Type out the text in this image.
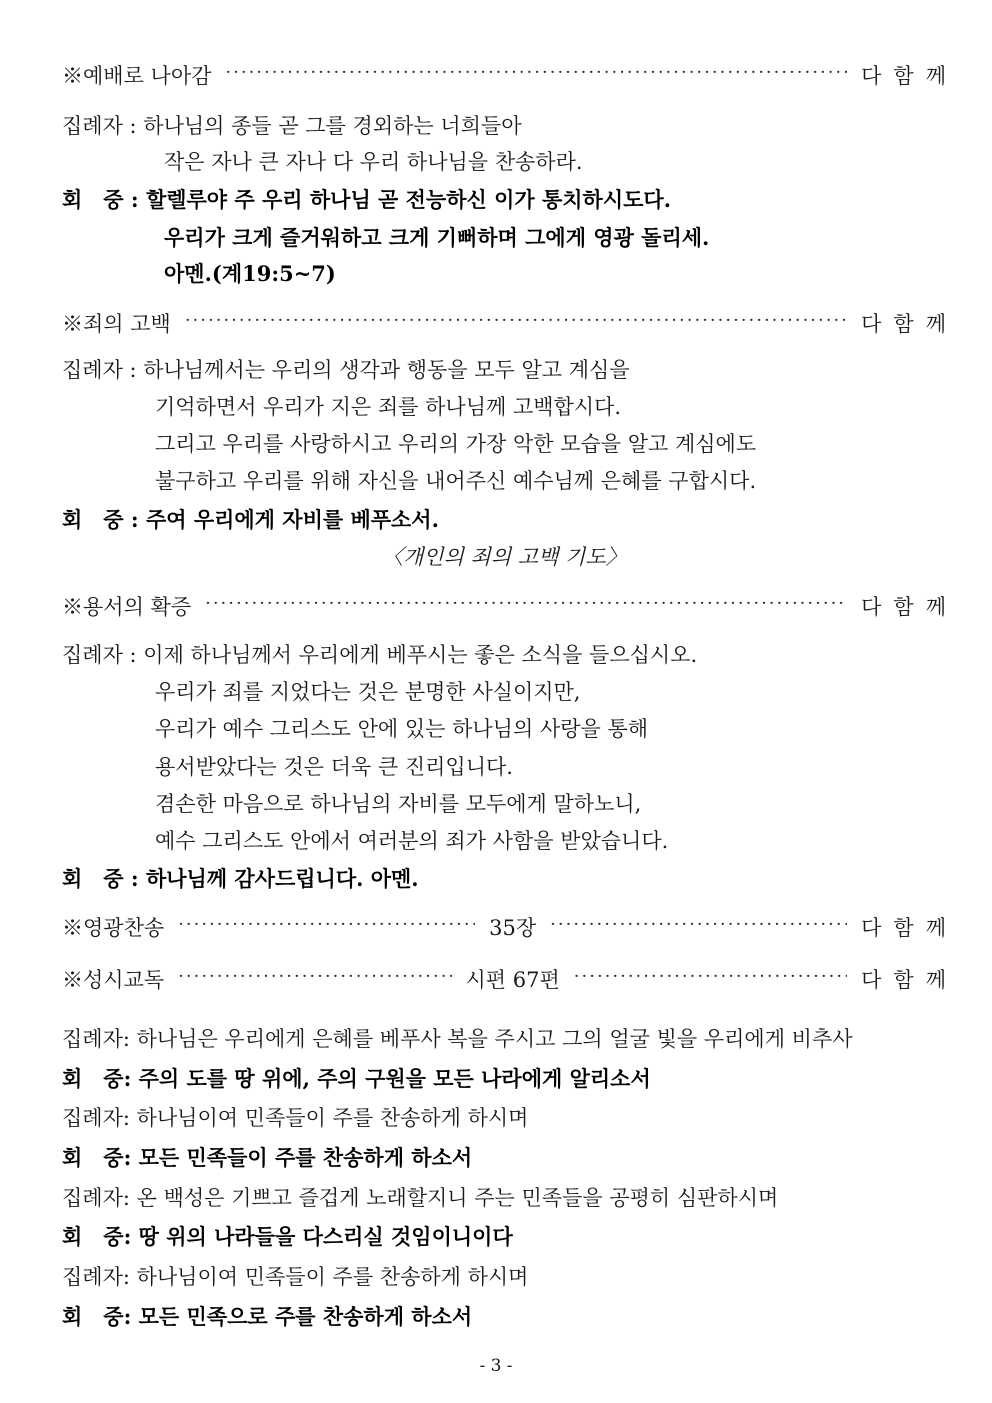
※예배로 나아감 ·····	다함께
집례자 : 하나님의 종들 곧 그를 경외하는 너희들아
작은 자나 큰 자나 다 우리 하나님을 찬송하라.
회　중 : 할렐루야 주 우리 하나님 곧 전능하신 이가 통치하시도다.
우리가 크게 즐거워하고 크게 기뻐하며 그에게 영광 돌리세.
아멘.(계19:5~7)
※죄의 고백 ·····	다함께
집례자 : 하나님께서는 우리의 생각과 행동을 모두 알고 계심을
기억하면서 우리가 지은 죄를 하나님께 고백합시다.
그리고 우리를 사랑하시고 우리의 가장 악한 모습을 알고 계심에도
불구하고 우리를 위해 자신을 내어주신 예수님께 은혜를 구합시다.
회　중 : 주여 우리에게 자비를 베푸소서.
〈개인의 죄의 고백 기도〉
※용서의 확증 ·····	다함께
집례자 : 이제 하나님께서 우리에게 베푸시는 좋은 소식을 들으십시오.
우리가 죄를 지었다는 것은 분명한 사실이지만,
우리가 예수 그리스도 안에 있는 하나님의 사랑을 통해
용서받았다는 것은 더욱 큰 진리입니다.
겸손한 마음으로 하나님의 자비를 모두에게 말하노니,
예수 그리스도 안에서 여러분의 죄가 사함을 받았습니다.
회　중 : 하나님께 감사드립니다. 아멘.
※영광찬송 ·····	35장 ·····	다함께
※성시교독 ·····	시편 67편 ·····	다함께
집례자: 하나님은 우리에게 은혜를 베푸사 복을 주시고 그의 얼굴 빛을 우리에게 비추사
회　중: 주의 도를 땅 위에, 주의 구원을 모든 나라에게 알리소서
집례자: 하나님이여 민족들이 주를 찬송하게 하시며
회　중: 모든 민족들이 주를 찬송하게 하소서
집례자: 온 백성은 기쁘고 즐겁게 노래할지니 주는 민족들을 공평히 심판하시며
회　중: 땅 위의 나라들을 다스리실 것임이니이다
집례자: 하나님이여 민족들이 주를 찬송하게 하시며
회　중: 모든 민족으로 주를 찬송하게 하소서
- 3 -
